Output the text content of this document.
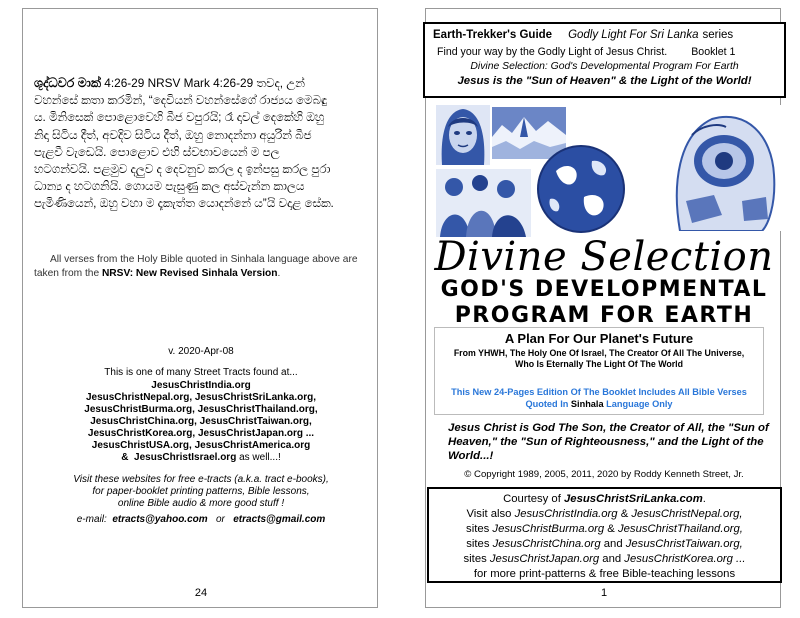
ශුද්ධවර මාක් 4:26-29 NRSV Mark 4:26-29 තවද, උන් වහන්සේ කතා කරමින්, “දෙවියන් වහන්සේගේ රාජ්‍යය මෙබඳු ය. මිනිසෙක් පොළොවෙහි බීජ වපුරයි; රෑ දාවල් දෙකේහි ඔහු නිදා සිටිය දීත්, අවදිව සිටිය දීත්, ඔහු නොදන්නා අයුරින් බීජ පැළවී වැඩෙයි. පොළොව එහි ස්වභාවයෙන් ම පල හටගන්වයි. පළමුව දලුව ද දෙවනුව කරල ද ඉන්පසු කරල පුරා ධාන්‍ය ද හටගනියි. ගොයම පැසුණු කල අස්වැන්න කාලය පැමිණියෙන්, ඔහු වහා ම දෑකැත්ත යොදන්නේ ය”යි වදාළ සේක.
All verses from the Holy Bible quoted in Sinhala language above are taken from the NRSV: New Revised Sinhala Version.
v. 2020-Apr-08
This is one of many Street Tracts found at...
JesusChristIndia.org
JesusChristNepal.org, JesusChristSriLanka.org,
JesusChristBurma.org, JesusChristThailand.org,
JesusChristChina.org, JesusChristTaiwan.org,
JesusChristKorea.org, JesusChristJapan.org ...
JesusChristUSA.org, JesusChristAmerica.org
& JesusChristIsrael.org as well...!
Visit these websites for free e-tracts (a.k.a. tract e-books),
for paper-booklet printing patterns, Bible lessons,
online Bible audio & more good stuff !
e-mail: etracts@yahoo.com or etracts@gmail.com
24
Earth-Trekker's Guide Godly Light For Sri Lanka series
Find your way by the Godly Light of Jesus Christ. Booklet 1
Divine Selection: God's Developmental Program For Earth
Jesus is the "Sun of Heaven" & the Light of the World!
Divine Selection
GOD'S DEVELOPMENTAL
PROGRAM FOR EARTH
A Plan For Our Planet's Future
From YHWH, The Holy One Of Israel, The Creator Of All The Universe, Who Is Eternally The Light Of The World
This New 24-Pages Edition Of The Booklet Includes All Bible Verses Quoted In Sinhala Language Only
Jesus Christ is God The Son, the Creator of All, the "Sun of Heaven," the "Sun of Righteousness," and the Light of the World...!
© Copyright 1989, 2005, 2011, 2020 by Roddy Kenneth Street, Jr.
Courtesy of JesusChristSriLanka.com.
Visit also JesusChristIndia.org & JesusChristNepal.org,
sites JesusChristBurma.org & JesusChristThailand.org,
sites JesusChristChina.org and JesusChristTaiwan.org,
sites JesusChristJapan.org and JesusChristKorea.org ...
for more print-patterns & free Bible-teaching lessons
1
